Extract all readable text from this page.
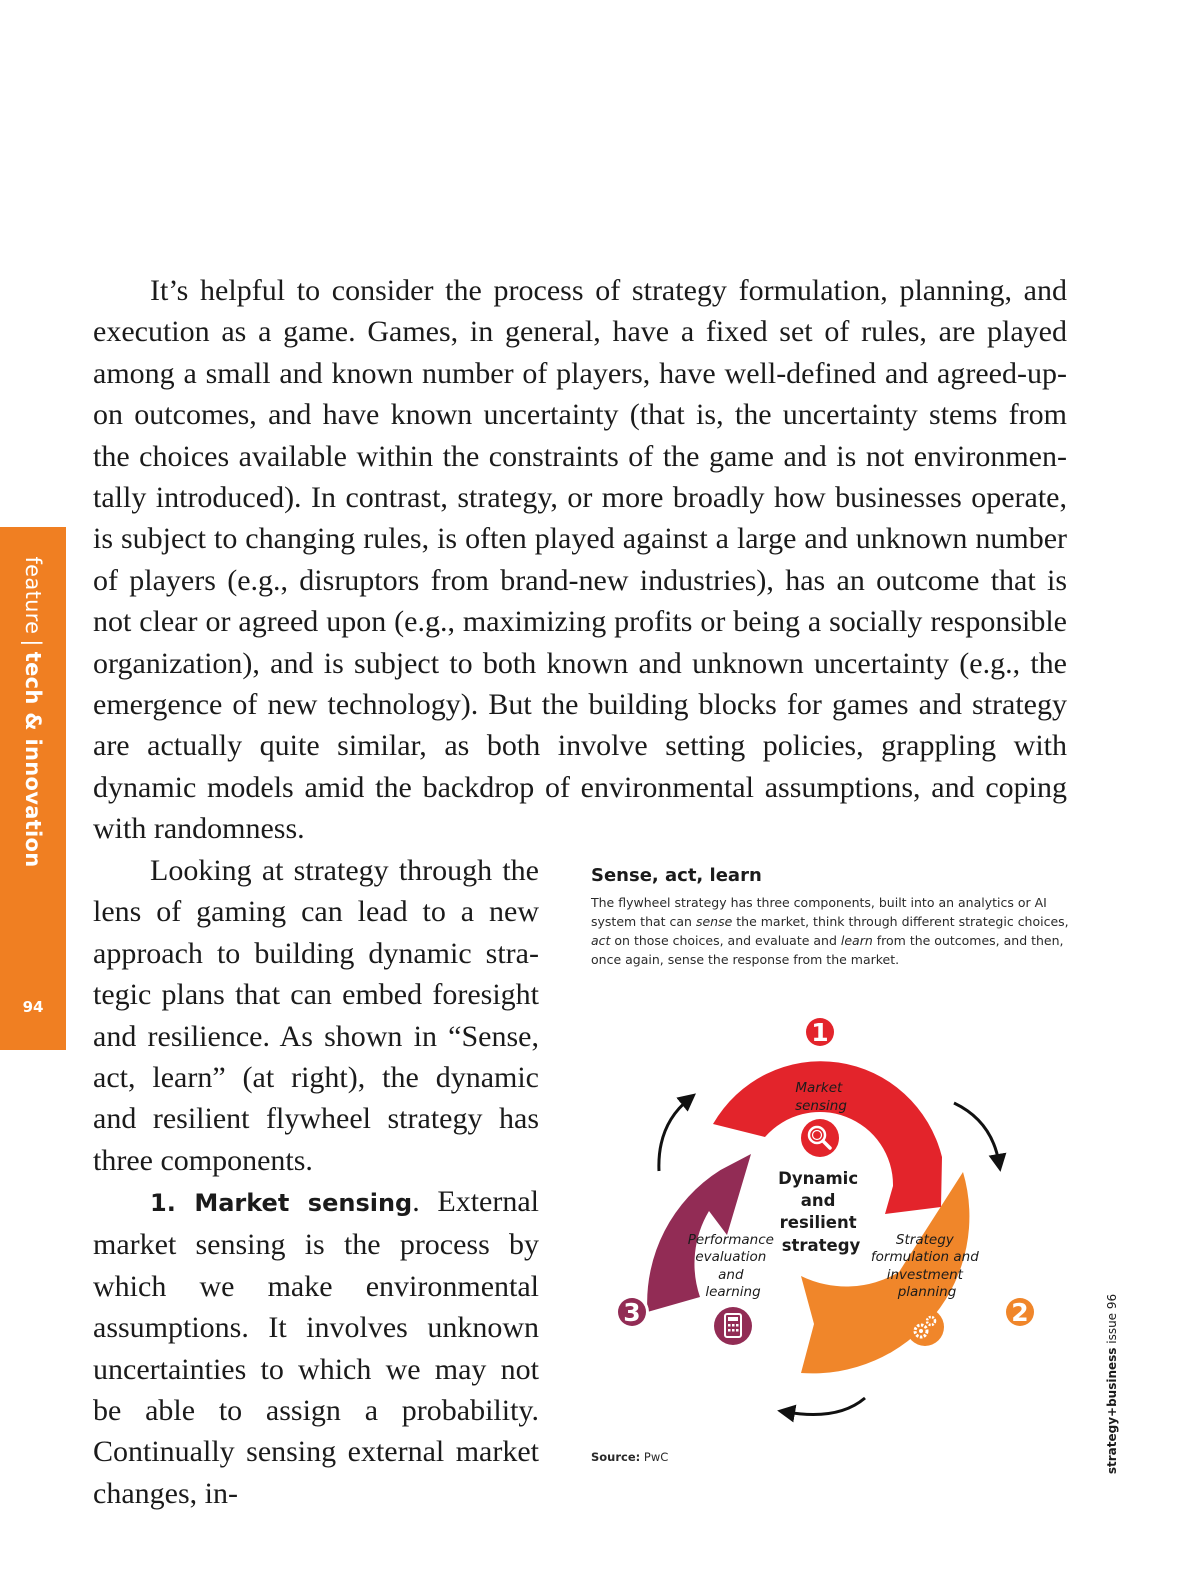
feature|tech & innovation
94

It’s helpful to consider the process of strategy formulation, planning, and execution as a game. Games, in general, have a fixed set of rules, are played among a small and known number of players, have well-defined and agreed-upon outcomes, and have known uncertainty (that is, the uncertainty stems from the choices available within the constraints of the game and is not environmentally introduced). In contrast, strategy, or more broadly how businesses operate, is subject to changing rules, is often played against a large and unknown number of players (e.g., disruptors from brand-new industries), has an outcome that is not clear or agreed upon (e.g., maximizing profits or being a socially responsible organization), and is subject to both known and unknown uncertainty (e.g., the emergence of new technology). But the building blocks for games and strategy are actually quite similar, as both involve setting policies, grappling with dynamic models amid the backdrop of environmental assumptions, and coping with randomness.

Looking at strategy through the lens of gaming can lead to a new approach to building dynamic strategic plans that can embed foresight and resilience. As shown in “Sense, act, learn” (at right), the dynamic and resilient flywheel strategy has three components.

1. Market sensing. External market sensing is the process by which we make environmental assumptions. It involves unknown uncertainties to which we may not be able to assign a probability. Continually sensing external market changes, in-

Sense, act, learn

The flywheel strategy has three components, built into an analytics or AI system that can sense the market, think through different strategic choices, act on those choices, and evaluate and learn from the outcomes, and then, once again, sense the response from the market.

1
2
3
Dynamic and resilient strategy
Market sensing
Strategy formulation and investment planning
Performance evaluation and learning

Source: PwC	strategy+business issue 96
